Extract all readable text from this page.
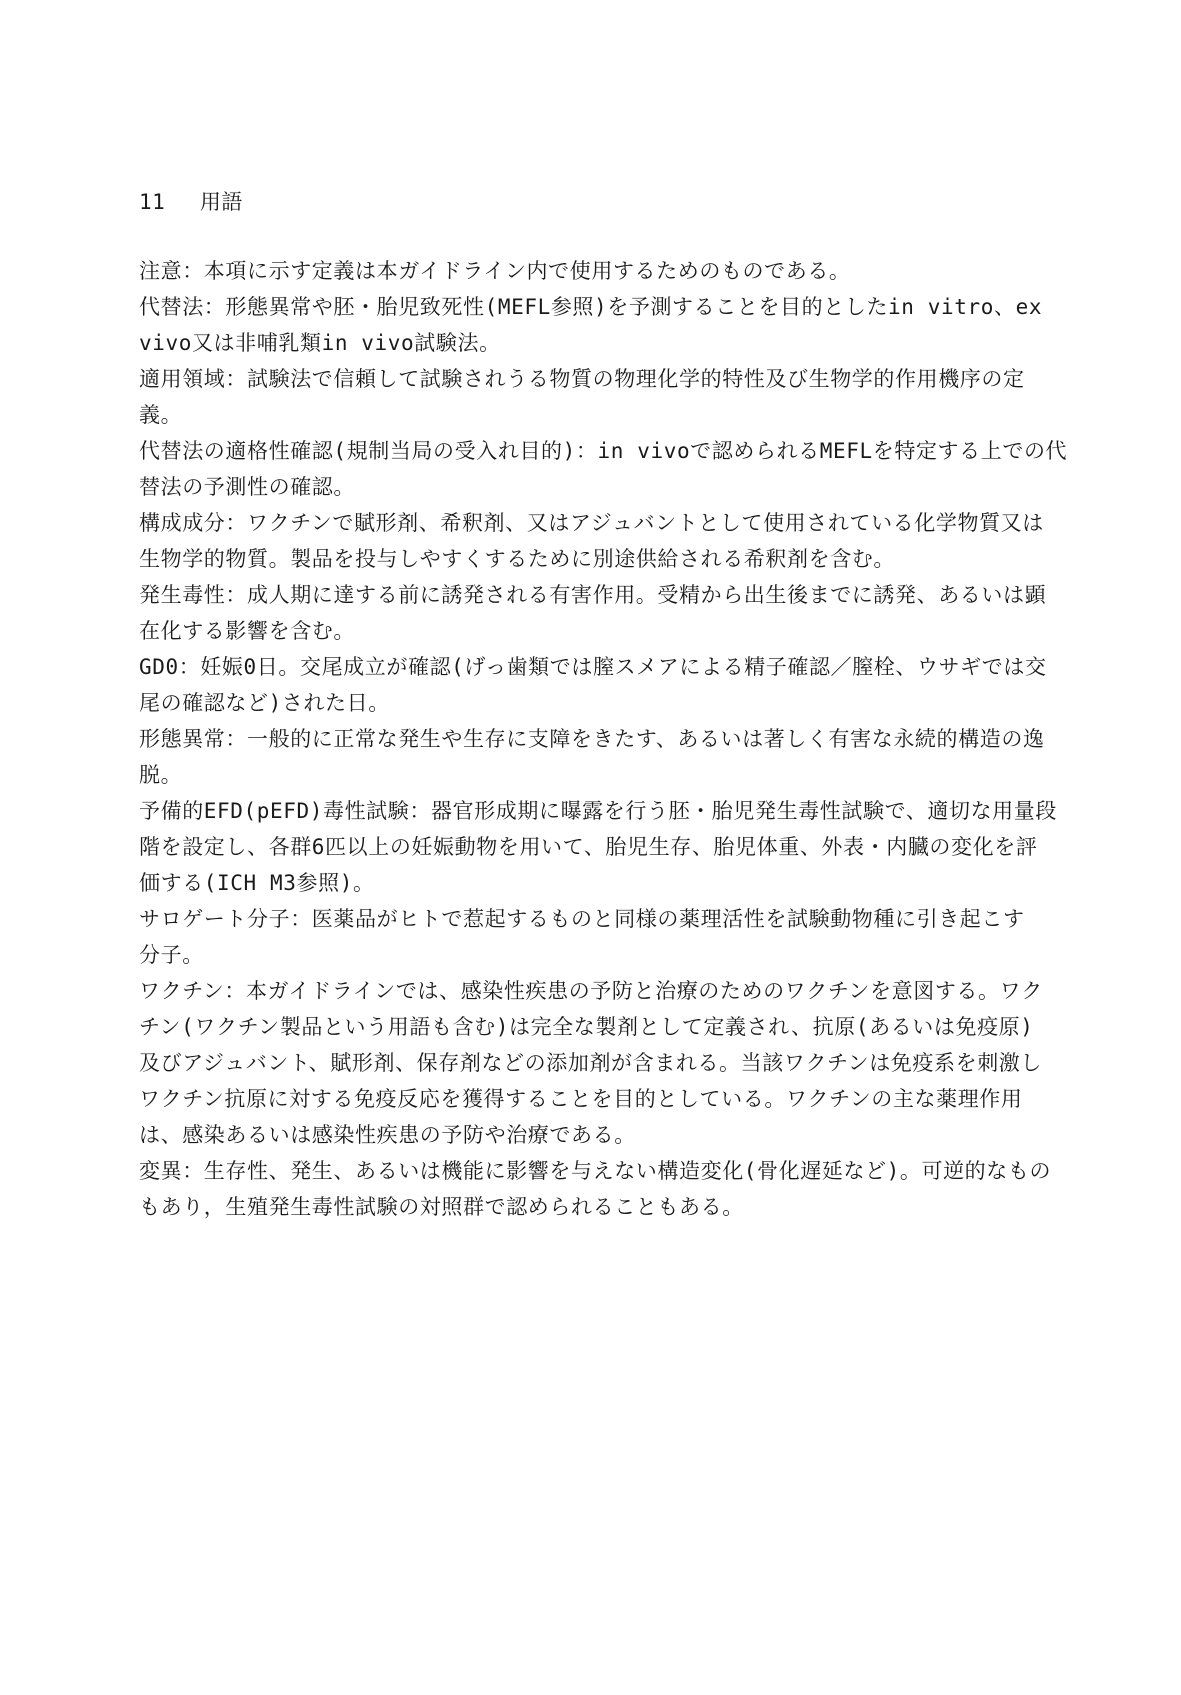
11　 用語
注意：本項に示す定義は本ガイドライン内で使用するためのものである。
代替法：形態異常や胚・胎児致死性(MEFL参照)を予測することを目的としたin vitro、ex
vivo又は非哺乳類in vivo試験法。
適用領域：試験法で信頼して試験されうる物質の物理化学的特性及び生物学的作用機序の定
義。
代替法の適格性確認(規制当局の受入れ目的)：in vivoで認められるMEFLを特定する上での代
替法の予測性の確認。
構成成分：ワクチンで賦形剤、希釈剤、又はアジュバントとして使用されている化学物質又は
生物学的物質。製品を投与しやすくするために別途供給される希釈剤を含む。
発生毒性：成人期に達する前に誘発される有害作用。受精から出生後までに誘発、あるいは顕
在化する影響を含む。
GD0：妊娠0日。交尾成立が確認(げっ歯類では膣スメアによる精子確認／膣栓、ウサギでは交
尾の確認など)された日。
形態異常：一般的に正常な発生や生存に支障をきたす、あるいは著しく有害な永続的構造の逸
脱。
予備的EFD(pEFD)毒性試験：器官形成期に曝露を行う胚・胎児発生毒性試験で、適切な用量段
階を設定し、各群6匹以上の妊娠動物を用いて、胎児生存、胎児体重、外表・内臓の変化を評
価する(ICH M3参照)。
サロゲート分子：医薬品がヒトで惹起するものと同様の薬理活性を試験動物種に引き起こす
分子。
ワクチン：本ガイドラインでは、感染性疾患の予防と治療のためのワクチンを意図する。ワク
チン(ワクチン製品という用語も含む)は完全な製剤として定義され、抗原(あるいは免疫原)
及びアジュバント、賦形剤、保存剤などの添加剤が含まれる。当該ワクチンは免疫系を刺激し
ワクチン抗原に対する免疫反応を獲得することを目的としている。ワクチンの主な薬理作用
は、感染あるいは感染性疾患の予防や治療である。
変異：生存性、発生、あるいは機能に影響を与えない構造変化(骨化遅延など)。可逆的なもの
もあり，生殖発生毒性試験の対照群で認められることもある。
